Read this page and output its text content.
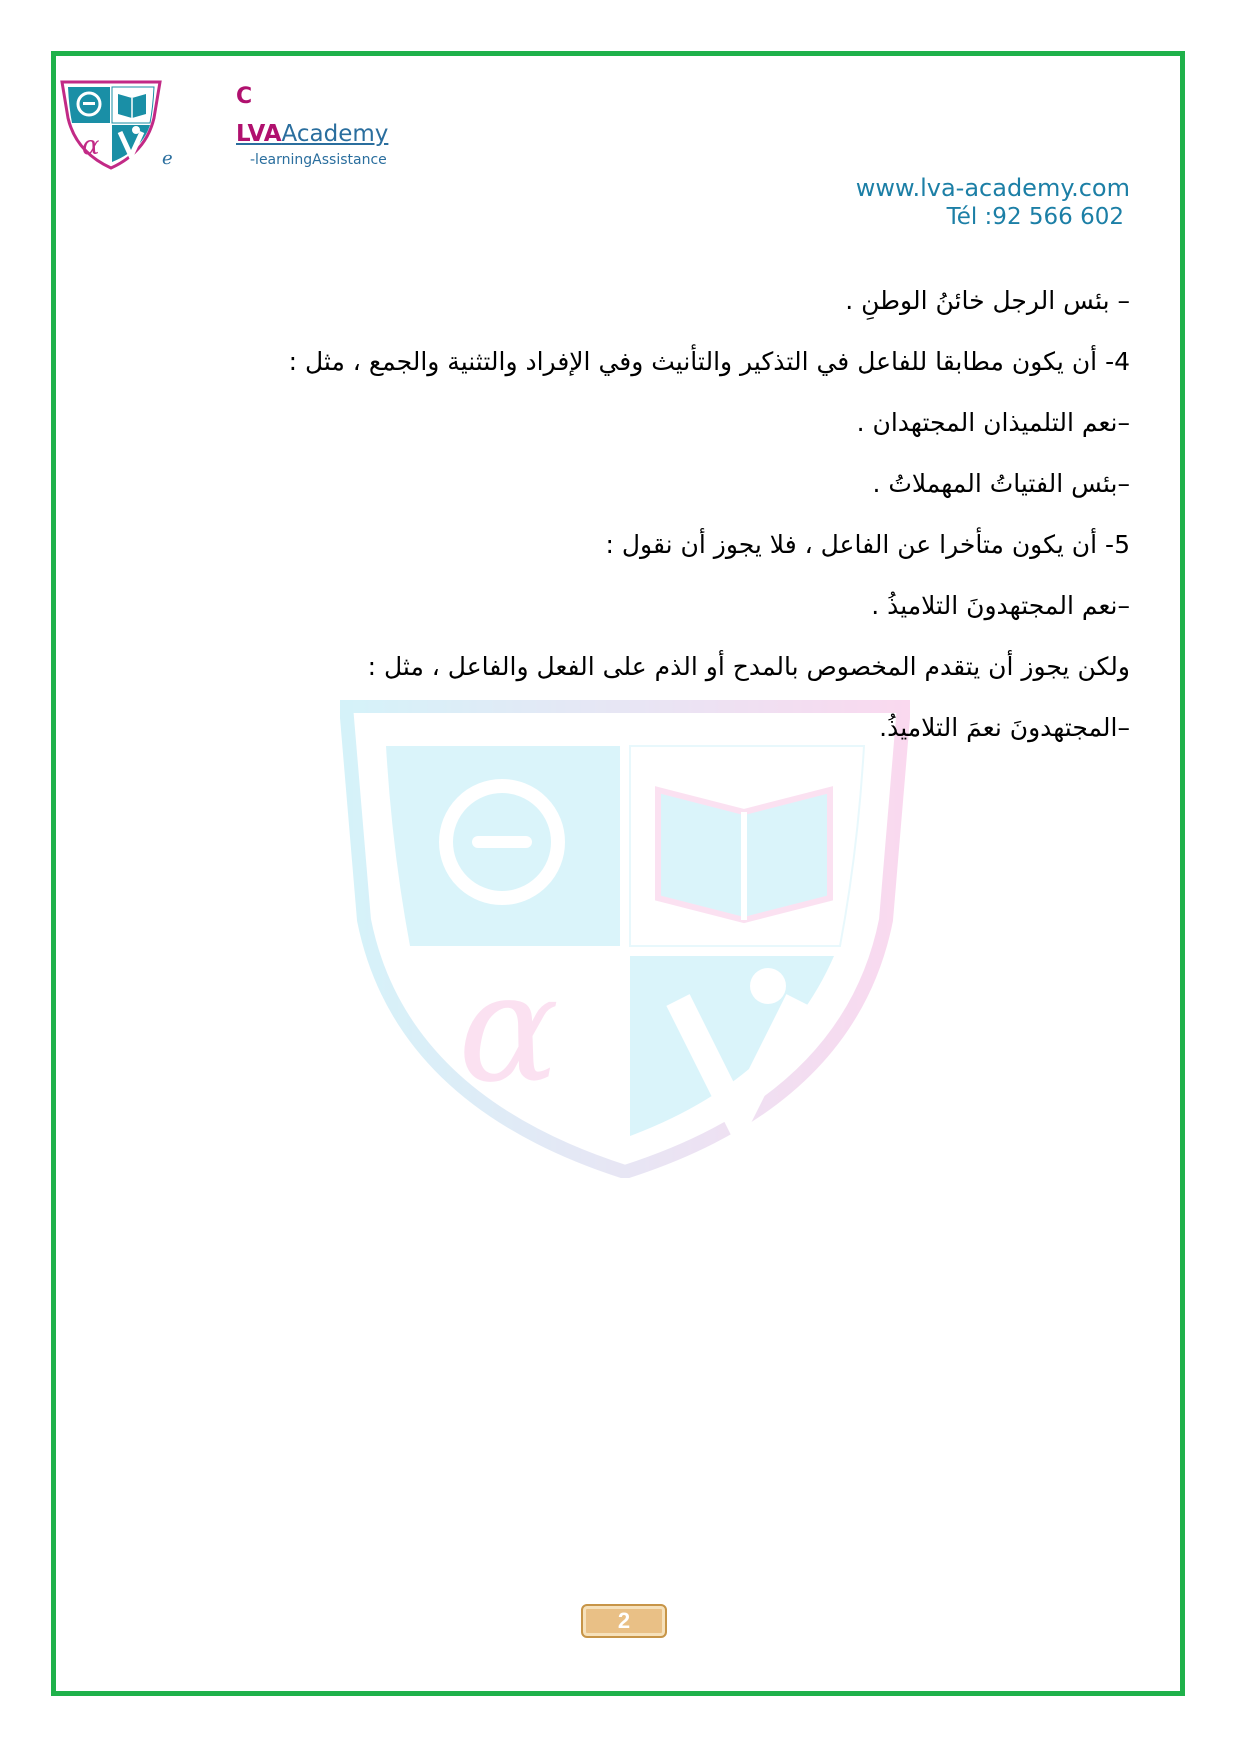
α	e
C
LVAAcademy
-learningAssistance
www.lva-academy.com
Tél :92 566 602
α

– بئس الرجل خائنُ الوطنِ .

4- أن يكون مطابقا للفاعل في التذكير والتأنيث وفي الإفراد والتثنية والجمع ، مثل :

–نعم التلميذان المجتهدان .

–بئس الفتياتُ المهملاتُ .

5- أن يكون متأخرا عن الفاعل ، فلا يجوز أن نقول :

–نعم المجتهدونَ التلاميذُ .

ولكن يجوز أن يتقدم المخصوص بالمدح أو الذم على الفعل والفاعل ، مثل :

–المجتهدونَ نعمَ التلاميذُ.

2
